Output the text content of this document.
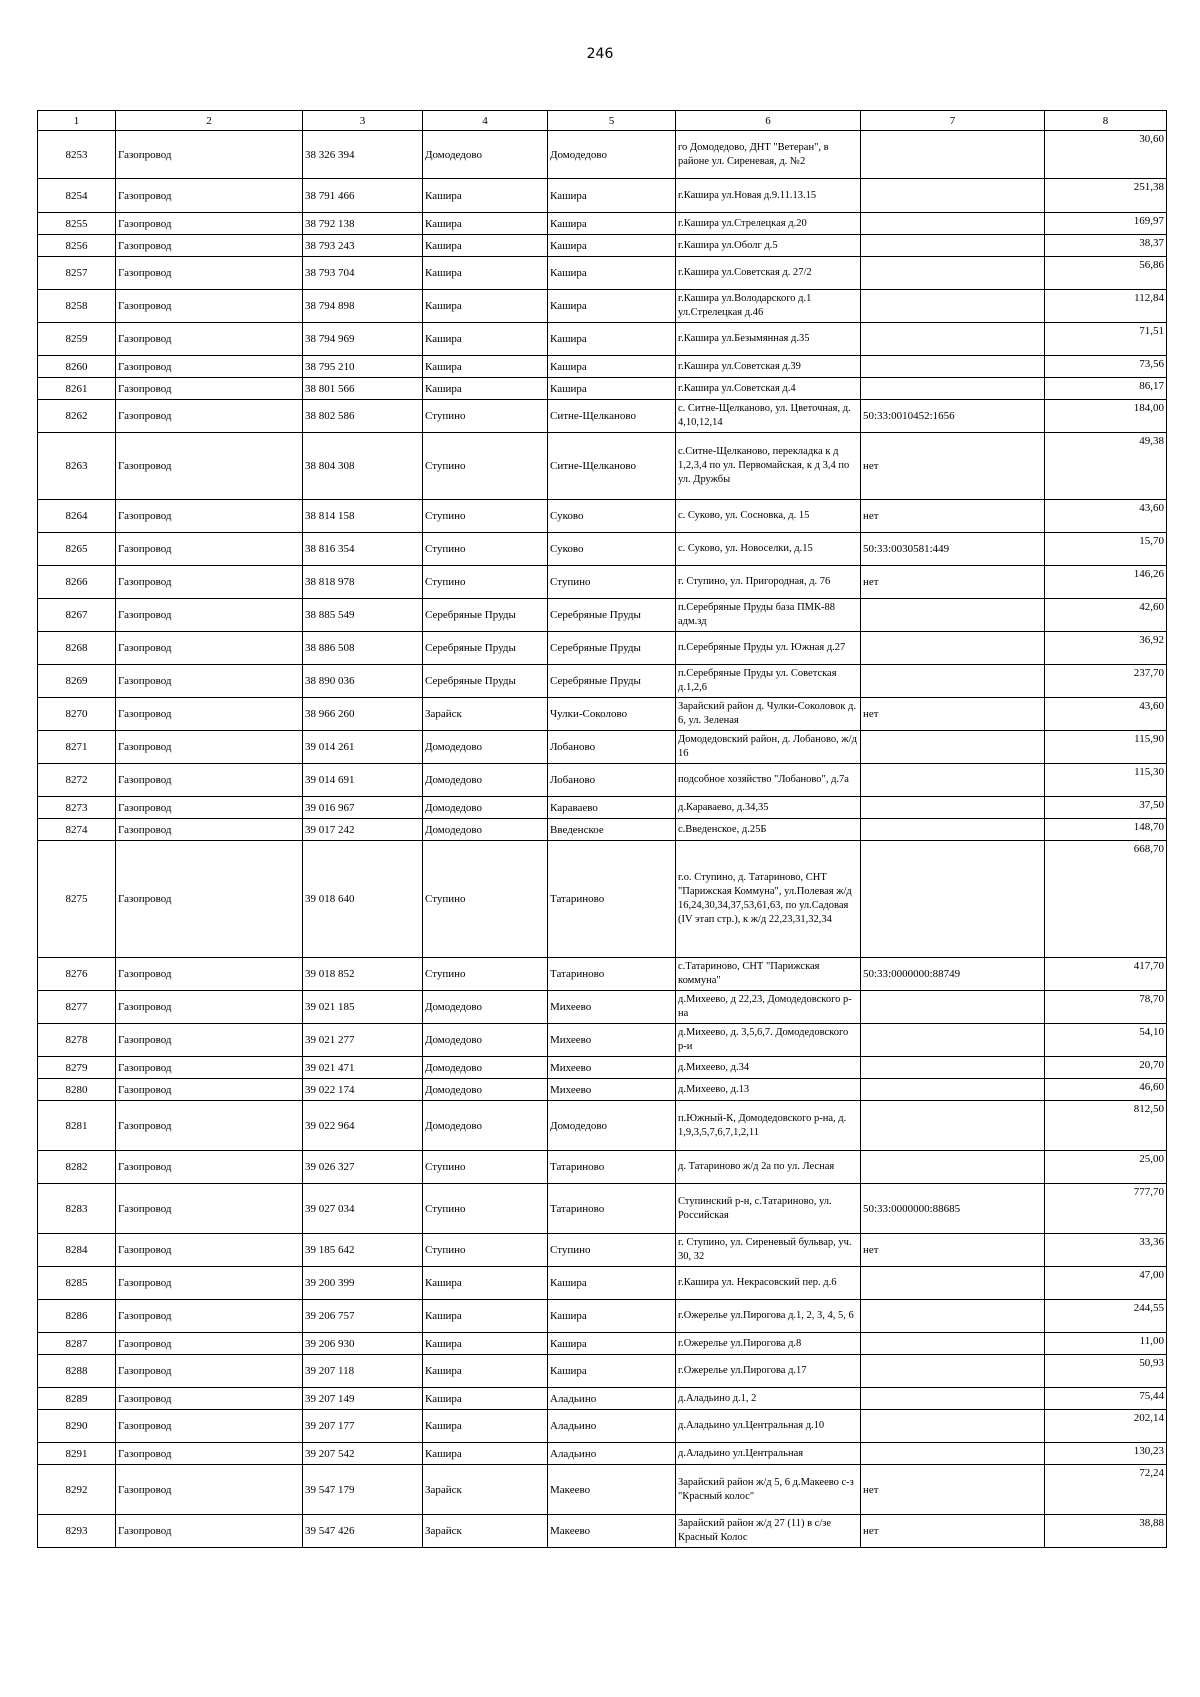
246
1	2	3	4	5	6	7	8
8253	Газопровод	38 326 394	Домодедово	Домодедово	го Домодедово, ДНТ "Ветеран", в районе ул. Сиреневая, д. №2		30,60
8254	Газопровод	38 791 466	Кашира	Кашира	г.Кашира ул.Новая д.9.11.13.15		251,38
8255	Газопровод	38 792 138	Кашира	Кашира	г.Кашира ул.Стрелецкая д.20		169,97
8256	Газопровод	38 793 243	Кашира	Кашира	г.Кашира ул.Оболг д.5		38,37
8257	Газопровод	38 793 704	Кашира	Кашира	г.Кашира ул.Советская д. 27/2		56,86
8258	Газопровод	38 794 898	Кашира	Кашира	г.Кашира ул.Володарского д.1 ул.Стрелецкая д.46		112,84
8259	Газопровод	38 794 969	Кашира	Кашира	г.Кашира ул.Безымянная д.35		71,51
8260	Газопровод	38 795 210	Кашира	Кашира	г.Кашира ул.Советская д.39		73,56
8261	Газопровод	38 801 566	Кашира	Кашира	г.Кашира ул.Советская д.4		86,17
8262	Газопровод	38 802 586	Ступино	Ситне-Щелканово	с. Ситне-Щелканово, ул. Цветочная, д. 4,10,12,14	50:33:0010452:1656	184,00
8263	Газопровод	38 804 308	Ступино	Ситне-Щелканово	с.Ситне-Щелканово, перекладка к д 1,2,3,4 по ул. Первомайская, к д 3,4 по ул. Дружбы	нет	49,38
8264	Газопровод	38 814 158	Ступино	Суково	с. Суково, ул. Сосновка, д. 15	нет	43,60
8265	Газопровод	38 816 354	Ступино	Суково	с. Суково, ул. Новоселки, д.15	50:33:0030581:449	15,70
8266	Газопровод	38 818 978	Ступино	Ступино	г. Ступино, ул. Пригородная, д. 76	нет	146,26
8267	Газопровод	38 885 549	Серебряные Пруды	Серебряные Пруды	п.Серебряные Пруды база ПМК-88 адм.зд		42,60
8268	Газопровод	38 886 508	Серебряные Пруды	Серебряные Пруды	п.Серебряные Пруды ул. Южная д.27		36,92
8269	Газопровод	38 890 036	Серебряные Пруды	Серебряные Пруды	п.Серебряные Пруды ул. Советская д.1,2,6		237,70
8270	Газопровод	38 966 260	Зарайск	Чулки-Соколово	Зарайский район д. Чулки-Соколовок д. 6, ул. Зеленая	нет	43,60
8271	Газопровод	39 014 261	Домодедово	Лобаново	Домодедовский район, д. Лобаново, ж/д 16		115,90
8272	Газопровод	39 014 691	Домодедово	Лобаново	подсобное хозяйство "Лобаново", д.7а		115,30
8273	Газопровод	39 016 967	Домодедово	Караваево	д.Караваево, д.34,35		37,50
8274	Газопровод	39 017 242	Домодедово	Введенское	с.Введенское, д.25Б		148,70
8275	Газопровод	39 018 640	Ступино	Татариново	г.о. Ступино, д. Татариново, СНТ "Парижская Коммуна", ул.Полевая ж/д 16,24,30,34,37,53,61,63, по ул.Садовая (IV этап стр.), к ж/д 22,23,31,32,34		668,70
8276	Газопровод	39 018 852	Ступино	Татариново	с.Татариново, СНТ "Парижская коммуна"	50:33:0000000:88749	417,70
8277	Газопровод	39 021 185	Домодедово	Михеево	д.Михеево, д 22,23, Домодедовского р-на		78,70
8278	Газопровод	39 021 277	Домодедово	Михеево	д.Михеево, д. 3,5,6,7. Домодедовского р-и		54,10
8279	Газопровод	39 021 471	Домодедово	Михеево	д.Михеево, д.34		20,70
8280	Газопровод	39 022 174	Домодедово	Михеево	д.Михеево, д.13		46,60
8281	Газопровод	39 022 964	Домодедово	Домодедово	п.Южный-К, Домодедовского р-на, д. 1,9,3,5,7,6,7,1,2,11		812,50
8282	Газопровод	39 026 327	Ступино	Татариново	д. Татариново ж/д 2а по ул. Лесная		25,00
8283	Газопровод	39 027 034	Ступино	Татариново	Ступинский р-н, с.Татариново, ул. Российская	50:33:0000000:88685	777,70
8284	Газопровод	39 185 642	Ступино	Ступино	г. Ступино, ул. Сиреневый бульвар, уч. 30, 32	нет	33,36
8285	Газопровод	39 200 399	Кашира	Кашира	г.Кашира ул. Некрасовский пер. д.6		47,00
8286	Газопровод	39 206 757	Кашира	Кашира	г.Ожерелье ул.Пирогова д.1, 2, 3, 4, 5, 6		244,55
8287	Газопровод	39 206 930	Кашира	Кашира	г.Ожерелье ул.Пирогова д.8		11,00
8288	Газопровод	39 207 118	Кашира	Кашира	г.Ожерелье ул.Пирогова д.17		50,93
8289	Газопровод	39 207 149	Кашира	Аладьино	д.Аладьино д.1, 2		75,44
8290	Газопровод	39 207 177	Кашира	Аладьино	д.Аладьино ул.Центральная д.10		202,14
8291	Газопровод	39 207 542	Кашира	Аладьино	д.Аладьино ул.Центральная		130,23
8292	Газопровод	39 547 179	Зарайск	Макеево	Зарайский район ж/д 5, 6 д.Макеево с-з "Красный колос"	нет	72,24
8293	Газопровод	39 547 426	Зарайск	Макеево	Зарайский район ж/д 27 (11) в с/зе Красный Колос	нет	38,88
